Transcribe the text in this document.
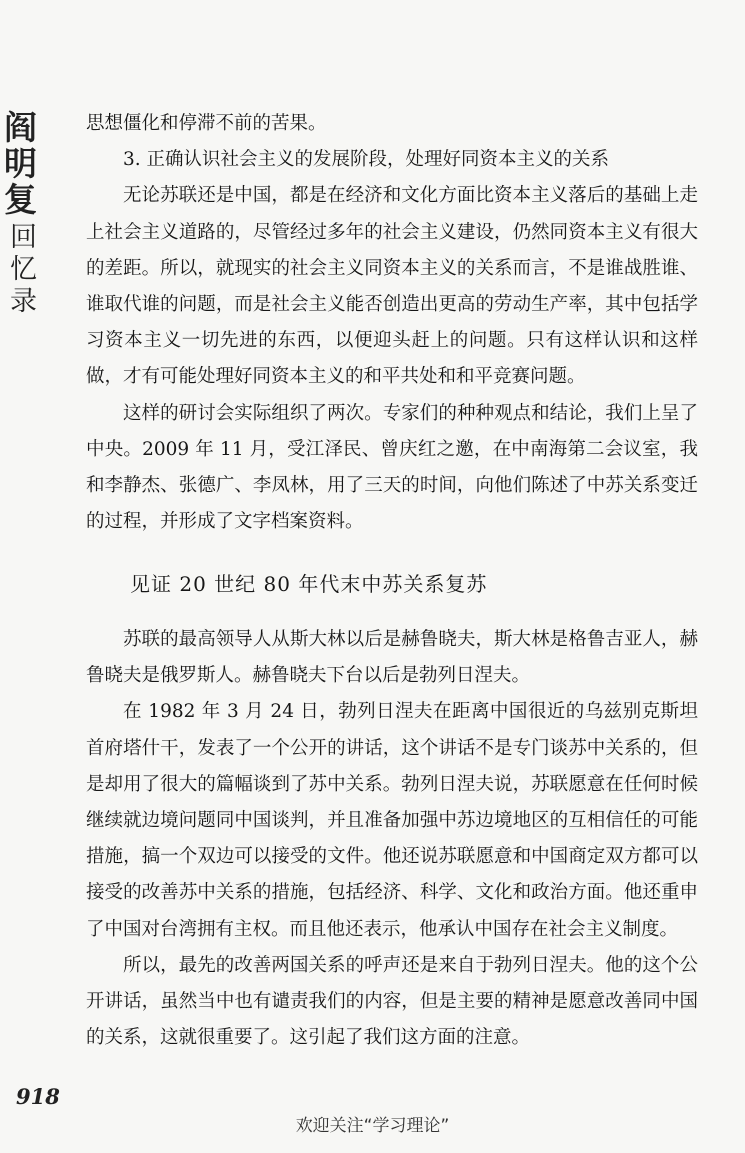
阎
明
复
回
忆
录

思想僵化和停滞不前的苦果。

3. 正确认识社会主义的发展阶段，处理好同资本主义的关系

无论苏联还是中国，都是在经济和文化方面比资本主义落后的基础上走上社会主义道路的，尽管经过多年的社会主义建设，仍然同资本主义有很大的差距。所以，就现实的社会主义同资本主义的关系而言，不是谁战胜谁、谁取代谁的问题，而是社会主义能否创造出更高的劳动生产率，其中包括学习资本主义一切先进的东西，以便迎头赶上的问题。只有这样认识和这样做，才有可能处理好同资本主义的和平共处和和平竞赛问题。

这样的研讨会实际组织了两次。专家们的种种观点和结论，我们上呈了中央。2009 年 11 月，受江泽民、曾庆红之邀，在中南海第二会议室，我和李静杰、张德广、李凤林，用了三天的时间，向他们陈述了中苏关系变迁的过程，并形成了文字档案资料。

见证 20 世纪 80 年代末中苏关系复苏

苏联的最高领导人从斯大林以后是赫鲁晓夫，斯大林是格鲁吉亚人，赫鲁晓夫是俄罗斯人。赫鲁晓夫下台以后是勃列日涅夫。

在 1982 年 3 月 24 日，勃列日涅夫在距离中国很近的乌兹别克斯坦首府塔什干，发表了一个公开的讲话，这个讲话不是专门谈苏中关系的，但是却用了很大的篇幅谈到了苏中关系。勃列日涅夫说，苏联愿意在任何时候继续就边境问题同中国谈判，并且准备加强中苏边境地区的互相信任的可能措施，搞一个双边可以接受的文件。他还说苏联愿意和中国商定双方都可以接受的改善苏中关系的措施，包括经济、科学、文化和政治方面。他还重申了中国对台湾拥有主权。而且他还表示，他承认中国存在社会主义制度。

所以，最先的改善两国关系的呼声还是来自于勃列日涅夫。他的这个公开讲话，虽然当中也有谴责我们的内容，但是主要的精神是愿意改善同中国的关系，这就很重要了。这引起了我们这方面的注意。

918
欢迎关注“学习理论”
